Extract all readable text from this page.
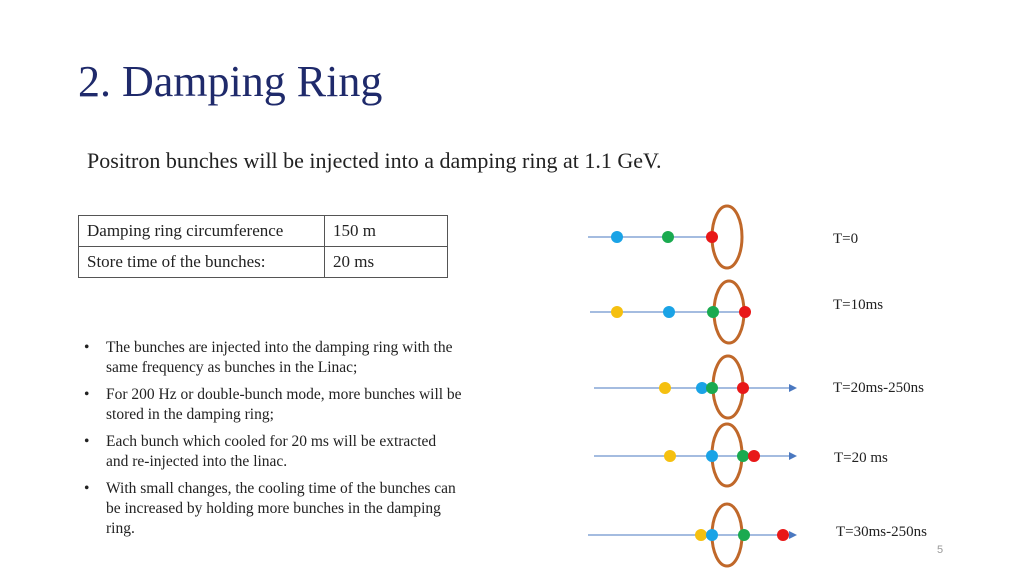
2. Damping Ring
Positron bunches will be injected into a damping ring at 1.1 GeV.
Damping ring circumference	150 m
Store time of the bunches:	20 ms
• The bunches are injected into the damping ring with the same frequency as bunches in the Linac;
• For 200 Hz or double-bunch mode, more bunches will be stored in the damping ring;
• Each bunch which cooled for 20 ms will be extracted and re-injected into the linac.
• With small changes, the cooling time of the bunches can be increased by holding more bunches in the damping ring.
T=0
T=10ms
T=20ms-250ns
T=20 ms
T=30ms-250ns
5
